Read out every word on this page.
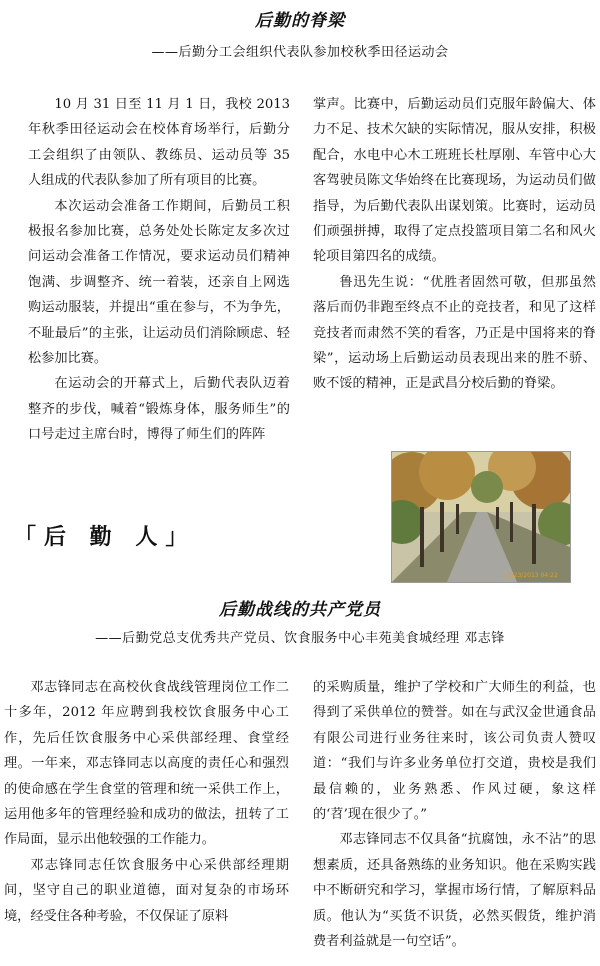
后勤的脊梁
——后勤分工会组织代表队参加校秋季田径运动会

10 月 31 日至 11 月 1 日，我校 2013 年秋季田径运动会在校体育场举行，后勤分工会组织了由领队、教练员、运动员等 35 人组成的代表队参加了所有项目的比赛。

本次运动会准备工作期间，后勤员工积极报名参加比赛，总务处处长陈定友多次过问运动会准备工作情况，要求运动员们精神饱满、步调整齐、统一着装，还亲自上网选购运动服装，并提出“重在参与，不为争先，不耻最后”的主张，让运动员们消除顾虑、轻松参加比赛。

在运动会的开幕式上，后勤代表队迈着整齐的步伐，喊着“锻炼身体，服务师生”的口号走过主席台时，博得了师生们的阵阵

掌声。比赛中，后勤运动员们克服年龄偏大、体力不足、技术欠缺的实际情况，服从安排，积极配合，水电中心木工班班长杜厚刚、车管中心大客驾驶员陈文华始终在比赛现场，为运动员们做指导，为后勤代表队出谋划策。比赛时，运动员们顽强拼搏，取得了定点投篮项目第二名和风火轮项目第四名的成绩。

鲁迅先生说：“优胜者固然可敬，但那虽然落后而仍非跑至终点不止的竞技者，和见了这样竞技者而肃然不笑的看客，乃正是中国将来的脊梁”，运动场上后勤运动员表现出来的胜不骄、败不馁的精神，正是武昌分校后勤的脊梁。

11/23/2013 04:22
「后 勤 人」
后勤战线的共产党员
——后勤党总支优秀共产党员、饮食服务中心丰苑美食城经理 邓志锋

邓志锋同志在高校伙食战线管理岗位工作二十多年，2012 年应聘到我校饮食服务中心工作，先后任饮食服务中心采供部经理、食堂经理。一年来，邓志锋同志以高度的责任心和强烈的使命感在学生食堂的管理和统一采供工作上，运用他多年的管理经验和成功的做法，扭转了工作局面，显示出他较强的工作能力。

邓志锋同志任饮食服务中心采供部经理期间，坚守自己的职业道德，面对复杂的市场环境，经受住各种考验，不仅保证了原料

的采购质量，维护了学校和广大师生的利益，也得到了采供单位的赞誉。如在与武汉金世通食品有限公司进行业务往来时，该公司负责人赞叹道：“我们与许多业务单位打交道，贵校是我们最信赖的，业务熟悉、作风过硬，象这样的‘苕’现在很少了。”

邓志锋同志不仅具备“抗腐蚀，永不沾”的思想素质，还具备熟练的业务知识。他在采购实践中不断研究和学习，掌握市场行情，了解原料品质。他认为“买货不识货，必然买假货，维护消费者利益就是一句空话”。
